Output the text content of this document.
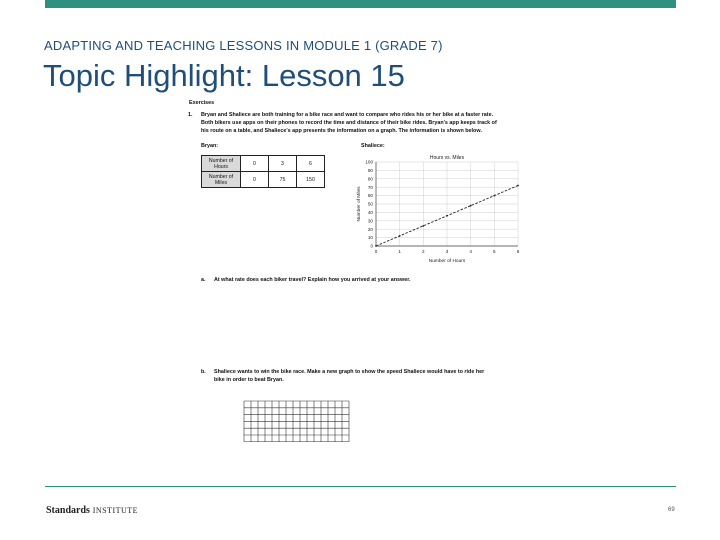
ADAPTING AND TEACHING LESSONS IN MODULE 1 (GRADE 7)
Topic Highlight: Lesson 15
Exercises
1. Bryan and Shaliece are both training for a bike race and want to compare who rides his or her bike at a faster rate.
Both bikers use apps on their phones to record the time and distance of their bike rides. Bryan's app keeps track of
his route on a table, and Shaliece's app presents the information on a graph. The information is shown below.
Bryan:	Shaliece:
Number of
Hours	0	3	6
Number of
Miles	0	75	150
0
10
20
30
40
50
60
70
80
90
100
0	1	2	3	4	5	6
Hours vs. Miles
Number of Hours
Number of Miles
a. At what rate does each biker travel? Explain how you arrived at your answer.
b. Shaliece wants to win the bike race. Make a new graph to show the speed Shaliece would have to ride her
bike in order to beat Bryan.
Standards INSTITUTE	69
